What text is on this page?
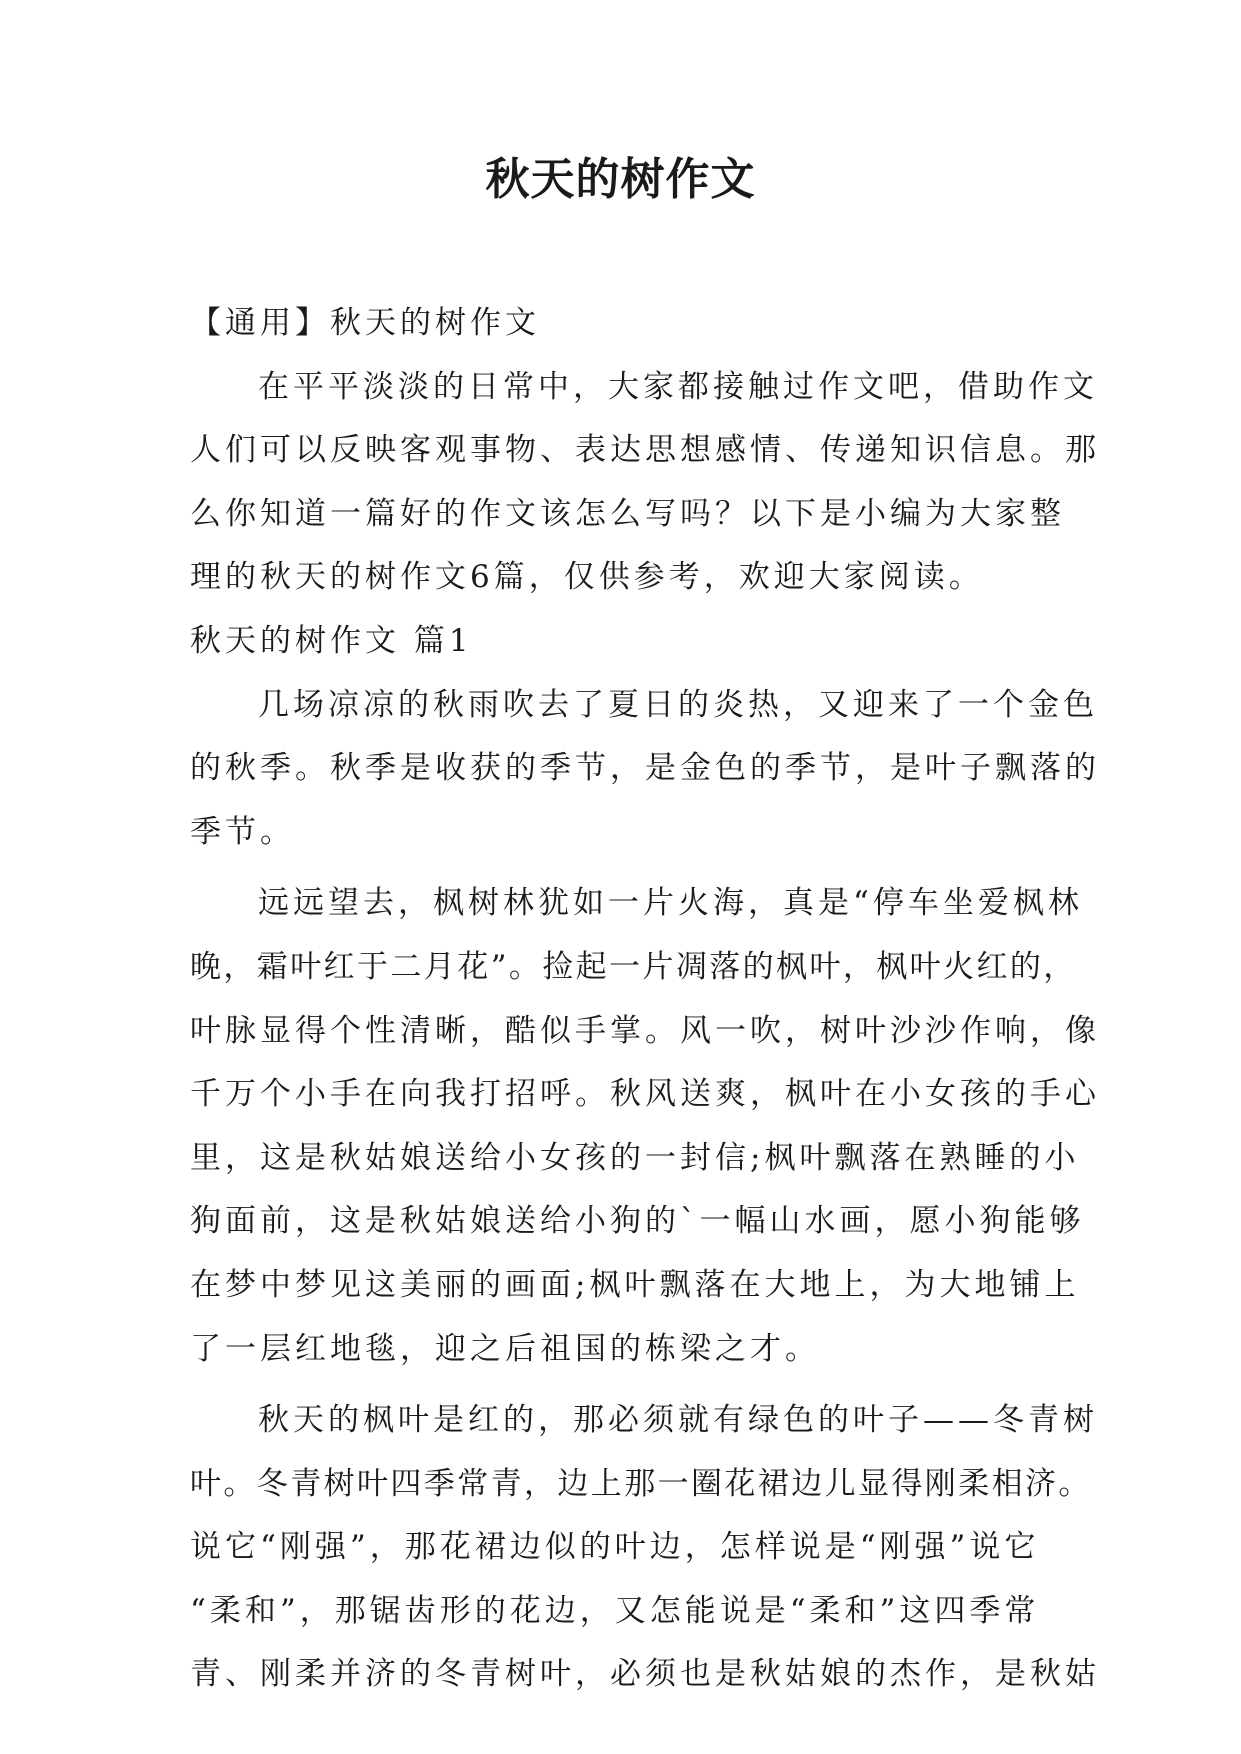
秋天的树作文

【通用】秋天的树作文

在平平淡淡的日常中，大家都接触过作文吧，借助作文

人们可以反映客观事物、表达思想感情、传递知识信息。那

么你知道一篇好的作文该怎么写吗？以下是小编为大家整

理的秋天的树作文6篇，仅供参考，欢迎大家阅读。

秋天的树作文 篇1

几场凉凉的秋雨吹去了夏日的炎热，又迎来了一个金色

的秋季。秋季是收获的季节，是金色的季节，是叶子飘落的

季节。

远远望去，枫树林犹如一片火海，真是“停车坐爱枫林

晚，霜叶红于二月花”。捡起一片凋落的枫叶，枫叶火红的，

叶脉显得个性清晰，酷似手掌。风一吹，树叶沙沙作响，像

千万个小手在向我打招呼。秋风送爽，枫叶在小女孩的手心

里，这是秋姑娘送给小女孩的一封信;枫叶飘落在熟睡的小

狗面前，这是秋姑娘送给小狗的`一幅山水画，愿小狗能够

在梦中梦见这美丽的画面;枫叶飘落在大地上，为大地铺上

了一层红地毯，迎之后祖国的栋梁之才。

秋天的枫叶是红的，那必须就有绿色的叶子——冬青树

叶。冬青树叶四季常青，边上那一圈花裙边儿显得刚柔相济。

说它“刚强”，那花裙边似的叶边，怎样说是“刚强”说它

“柔和”，那锯齿形的花边，又怎能说是“柔和”这四季常

青、刚柔并济的冬青树叶，必须也是秋姑娘的杰作，是秋姑
